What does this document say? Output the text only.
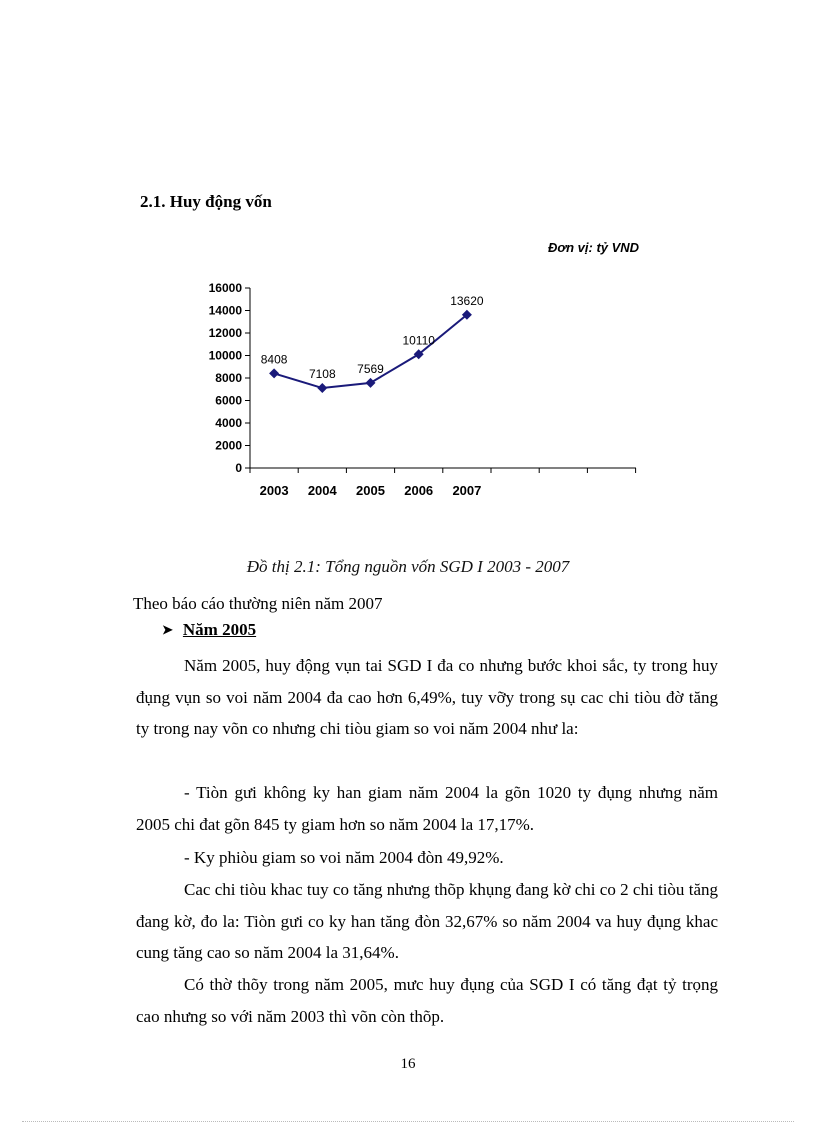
2.1. Huy động vốn
Đơn vị: tỷ VND
0
2000
4000
6000
8000
10000
12000
14000
16000
2003 2004 2005 2006 2007
8408
7108 7569
10110
13620
Đồ thị 2.1: Tổng nguồn vốn SGD I 2003 - 2007
Theo báo cáo thường niên năm 2007
➤ Năm 2005
Năm 2005, huy động vụn tai SGD I đa co nhưng bước khoi sắc, ty trong huy đụng vụn so voi năm 2004 đa cao hơn 6,49%, tuy vỡy trong sụ cac chi tiòu đờ tăng ty trong nay võn co nhưng chi tiòu giam so voi năm 2004 như la:
- Tiòn gưi không ky han giam năm 2004 la gõn 1020 ty đụng nhưng năm 2005 chi đat gõn 845 ty giam hơn so năm 2004 la 17,17%.
- Ky phiòu giam so voi năm 2004 đòn 49,92%.
Cac chi tiòu khac tuy co tăng nhưng thõp khụng đang kờ chi co 2 chi tiòu tăng đang kờ, đo la: Tiòn gưi co ky han tăng đòn 32,67% so năm 2004 va huy đụng khac cung tăng cao so năm 2004 la 31,64%.
Có thờ thõy trong năm 2005, mưc huy đụng của SGD I có tăng đạt tỷ trọng cao nhưng so với năm 2003 thì võn còn thõp.
16
